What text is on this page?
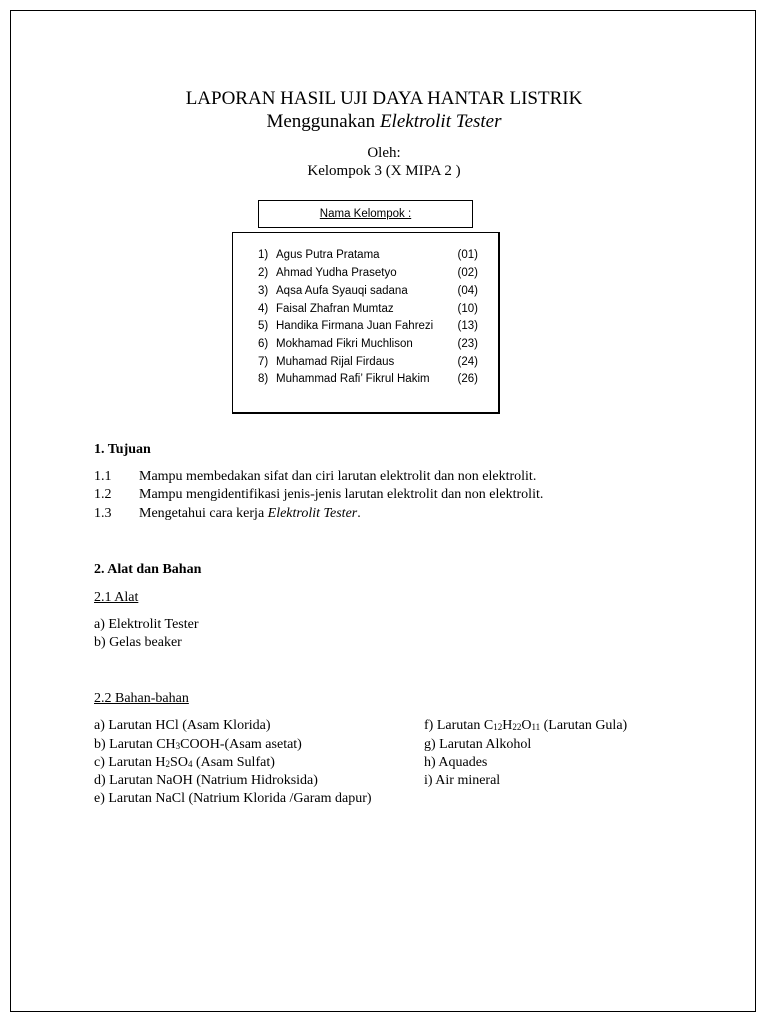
LAPORAN HASIL UJI DAYA HANTAR LISTRIK
Menggunakan Elektrolit Tester
Oleh:
Kelompok 3 (X MIPA 2 )
Nama Kelompok :
1) Agus Putra Pratama	(01)
2) Ahmad Yudha Prasetyo	(02)
3) Aqsa Aufa Syauqi sadana	(04)
4) Faisal Zhafran Mumtaz	(10)
5) Handika Firmana Juan Fahrezi (13)
6) Mokhamad Fikri Muchlison	(23)
7) Muhamad Rijal Firdaus	(24)
8) Muhammad Rafi’ Fikrul Hakim (26)
1. Tujuan
1.1 Mampu membedakan sifat dan ciri larutan elektrolit dan non elektrolit.
1.2 Mampu mengidentifikasi jenis-jenis larutan elektrolit dan non elektrolit.
1.3 Mengetahui cara kerja Elektrolit Tester.
2. Alat dan Bahan
2.1 Alat
a) Elektrolit Tester
b) Gelas beaker
2.2 Bahan-bahan
a) Larutan HCl (Asam Klorida)
b) Larutan $CH_3COOH-(Asam$ asetat)
c) Larutan $H_2SO_4$ (Asam Sulfat)
d) Larutan NaOH (Natrium Hidroksida)
e) Larutan NaCl (Natrium Klorida /Garam dapur)
f) Larutan $C_{12}H_{22}O_{11}$ (Larutan Gula)
g) Larutan Alkohol
h) Aquades
i) Air mineral
